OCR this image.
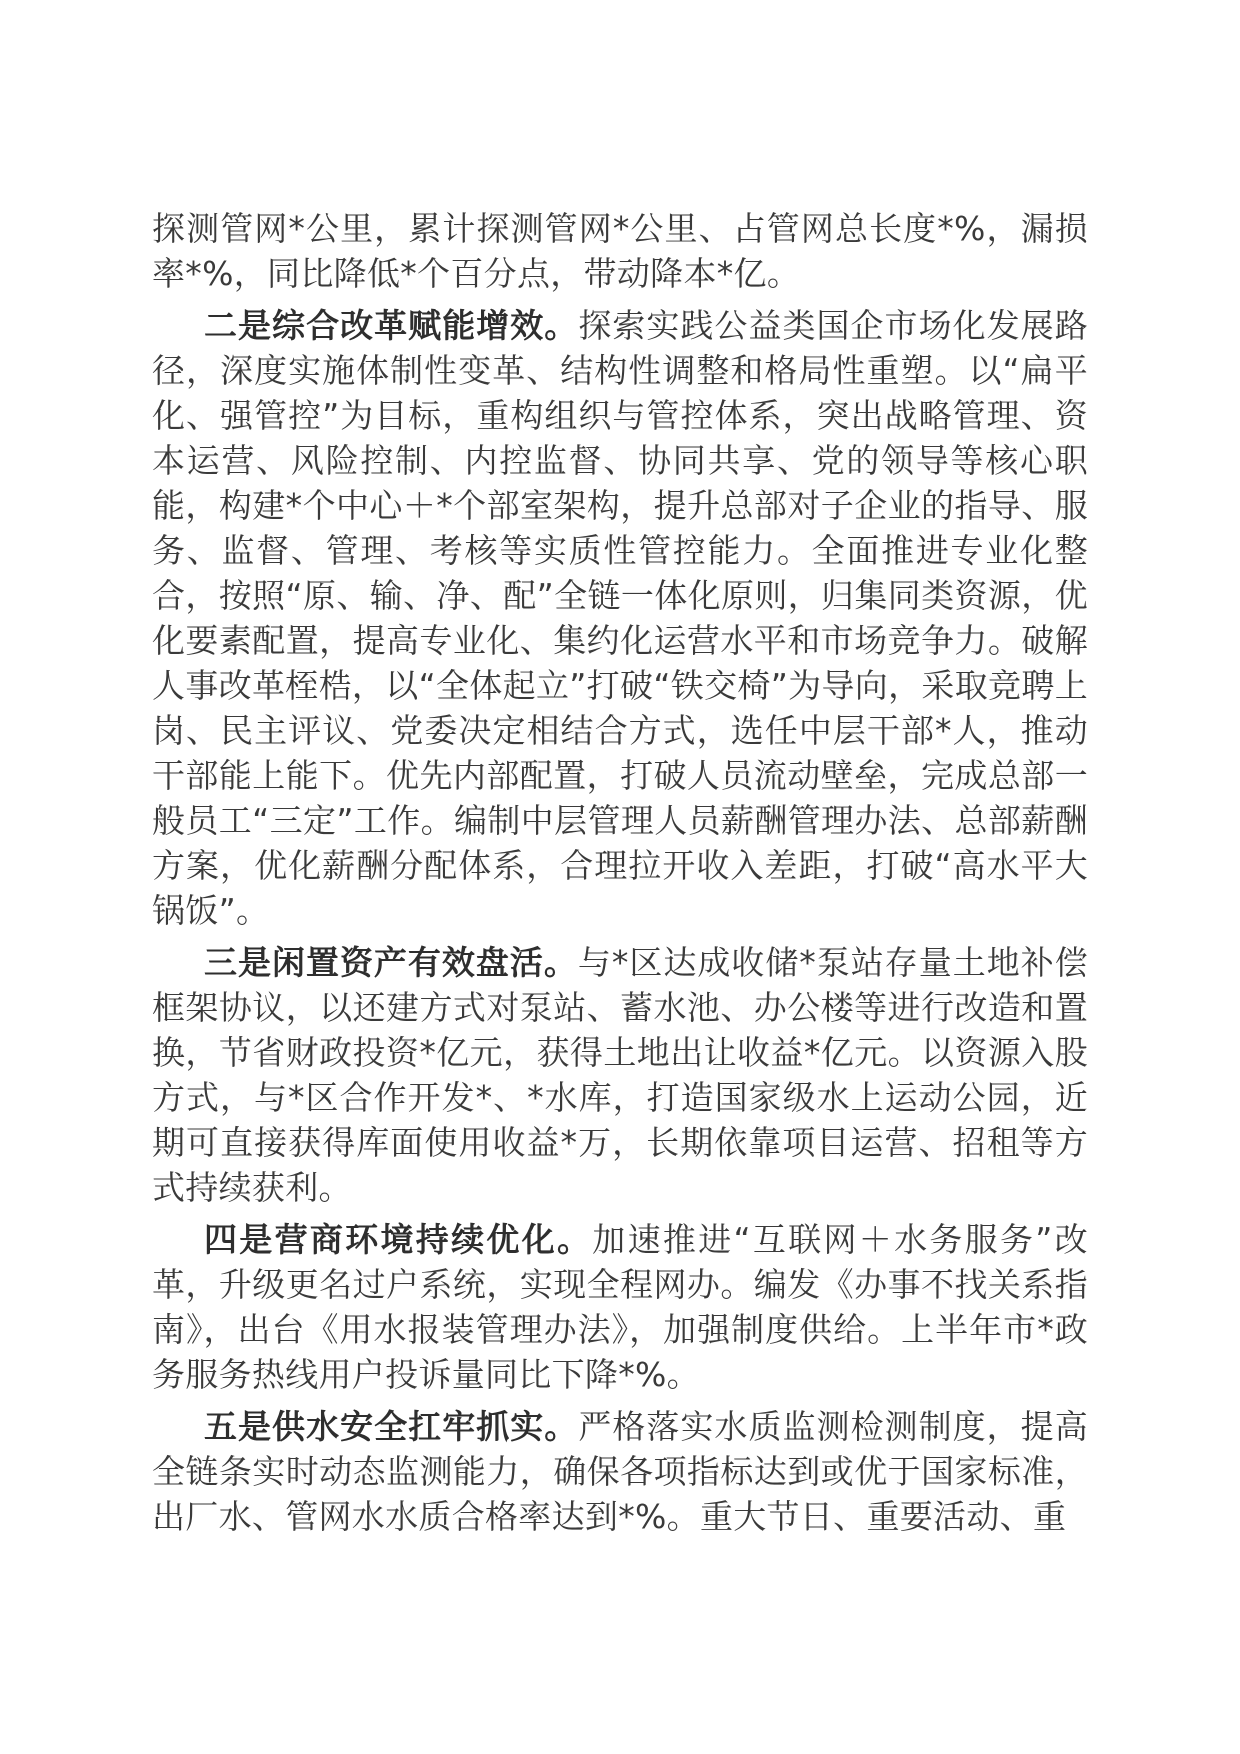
探测管网*公里，累计探测管网*公里、占管网总长度*%，漏损率*%，同比降低*个百分点，带动降本*亿。

二是综合改革赋能增效。探索实践公益类国企市场化发展路径，深度实施体制性变革、结构性调整和格局性重塑。以“扁平化、强管控”为目标，重构组织与管控体系，突出战略管理、资本运营、风险控制、内控监督、协同共享、党的领导等核心职能，构建*个中心＋*个部室架构，提升总部对子企业的指导、服务、监督、管理、考核等实质性管控能力。全面推进专业化整合，按照“原、输、净、配”全链一体化原则，归集同类资源，优化要素配置，提高专业化、集约化运营水平和市场竞争力。破解人事改革桎梏，以“全体起立”打破“铁交椅”为导向，采取竞聘上岗、民主评议、党委决定相结合方式，选任中层干部*人，推动干部能上能下。优先内部配置，打破人员流动壁垒，完成总部一般员工“三定”工作。编制中层管理人员薪酬管理办法、总部薪酬方案，优化薪酬分配体系，合理拉开收入差距，打破“高水平大锅饭”。

三是闲置资产有效盘活。与*区达成收储*泵站存量土地补偿框架协议，以还建方式对泵站、蓄水池、办公楼等进行改造和置换，节省财政投资*亿元，获得土地出让收益*亿元。以资源入股方式，与*区合作开发*、*水库，打造国家级水上运动公园，近期可直接获得库面使用收益*万，长期依靠项目运营、招租等方式持续获利。

四是营商环境持续优化。加速推进“互联网＋水务服务”改革，升级更名过户系统，实现全程网办。编发《办事不找关系指南》，出台《用水报装管理办法》，加强制度供给。上半年市*政务服务热线用户投诉量同比下降*%。

五是供水安全扛牢抓实。严格落实水质监测检测制度，提高全链条实时动态监测能力，确保各项指标达到或优于国家标准，出厂水、管网水水质合格率达到*%。重大节日、重要活动、重
